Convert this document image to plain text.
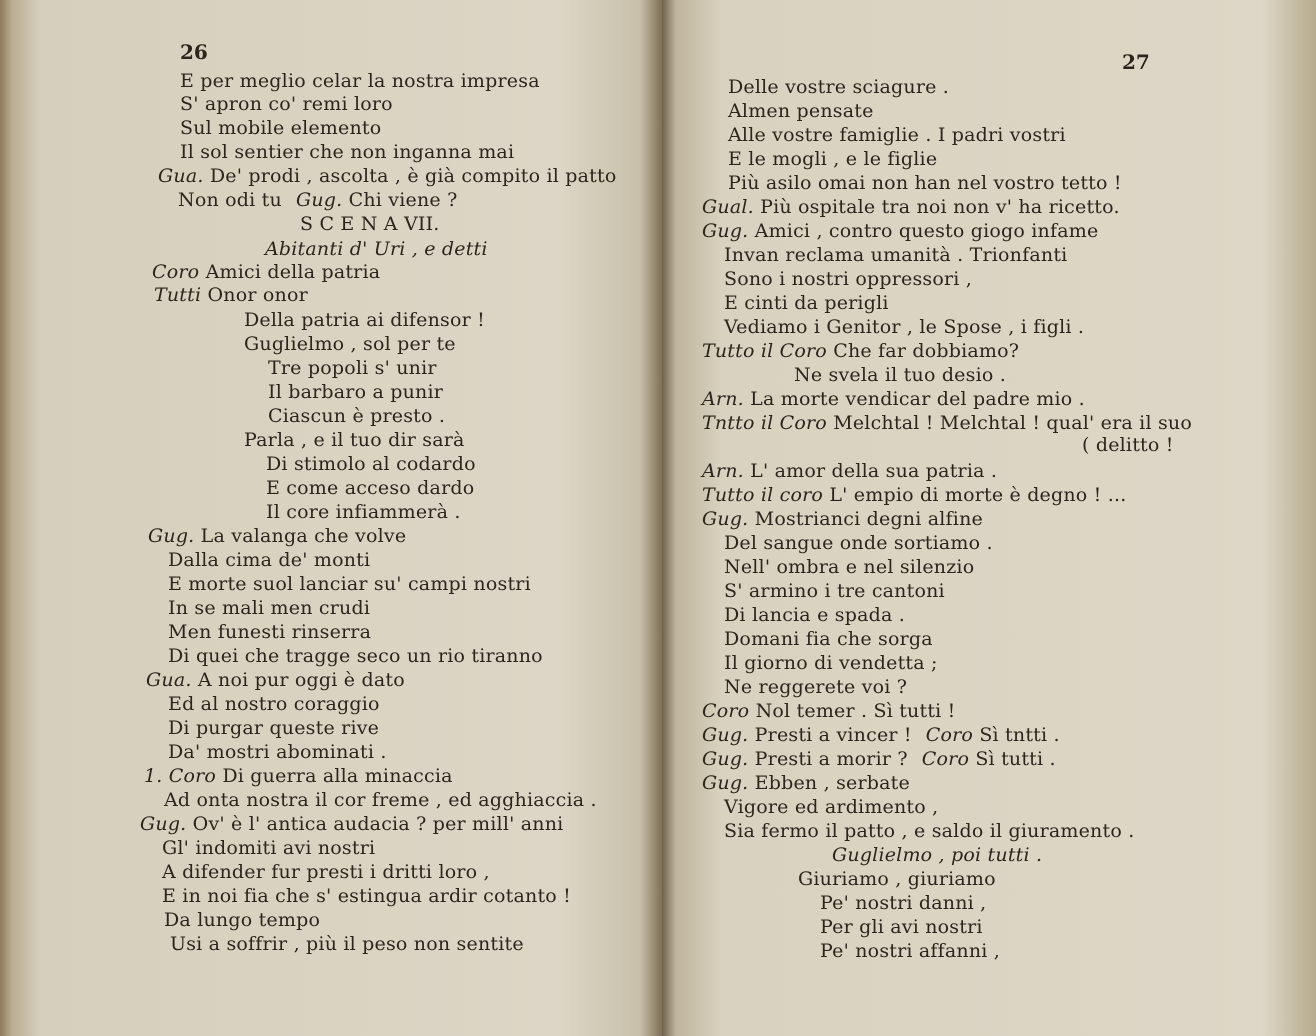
26
E per meglio celar la nostra impresa
S' apron co' remi loro
Sul mobile elemento
Il sol sentier che non inganna mai
Gua. De' prodi , ascolta , è già compito il patto
Non odi tu Gug. Chi viene ?
S C E N A VII.
Abitanti d' Uri , e detti
Coro Amici della patria
Tutti Onor onor
Della patria ai difensor !
Guglielmo , sol per te
Tre popoli s' unir
Il barbaro a punir
Ciascun è presto .
Parla , e il tuo dir sarà
Di stimolo al codardo
E come acceso dardo
Il core infiammerà .
Gug. La valanga che volve
Dalla cima de' monti
E morte suol lanciar su' campi nostri
In se mali men crudi
Men funesti rinserra
Di quei che tragge seco un rio tiranno
Gua. A noi pur oggi è dato
Ed al nostro coraggio
Di purgar queste rive
Da' mostri abominati .
1. Coro Di guerra alla minaccia
Ad onta nostra il cor freme , ed agghiaccia .
Gug. Ov' è l' antica audacia ? per mill' anni
Gl' indomiti avi nostri
A difender fur presti i dritti loro ,
E in noi fia che s' estingua ardir cotanto !
Da lungo tempo
Usi a soffrir , più il peso non sentite
27
Delle vostre sciagure .
Almen pensate
Alle vostre famiglie . I padri vostri
E le mogli , e le figlie
Più asilo omai non han nel vostro tetto !
Gual. Più ospitale tra noi non v' ha ricetto.
Gug. Amici , contro questo giogo infame
Invan reclama umanità . Trionfanti
Sono i nostri oppressori ,
E cinti da perigli
Vediamo i Genitor , le Spose , i figli .
Tutto il Coro Che far dobbiamo?
Ne svela il tuo desio .
Arn. La morte vendicar del padre mio .
Tntto il Coro Melchtal ! Melchtal ! qual' era il suo
( delitto !
Arn. L' amor della sua patria .
Tutto il coro L' empio di morte è degno ! ...
Gug. Mostrianci degni alfine
Del sangue onde sortiamo .
Nell' ombra e nel silenzio
S' armino i tre cantoni
Di lancia e spada .
Domani fia che sorga
Il giorno di vendetta ;
Ne reggerete voi ?
Coro Nol temer . Sì tutti !
Gug. Presti a vincer ! Coro Sì tntti .
Gug. Presti a morir ? Coro Sì tutti .
Gug. Ebben , serbate
Vigore ed ardimento ,
Sia fermo il patto , e saldo il giuramento .
Guglielmo , poi tutti .
Giuriamo , giuriamo
Pe' nostri danni ,
Per gli avi nostri
Pe' nostri affanni ,
